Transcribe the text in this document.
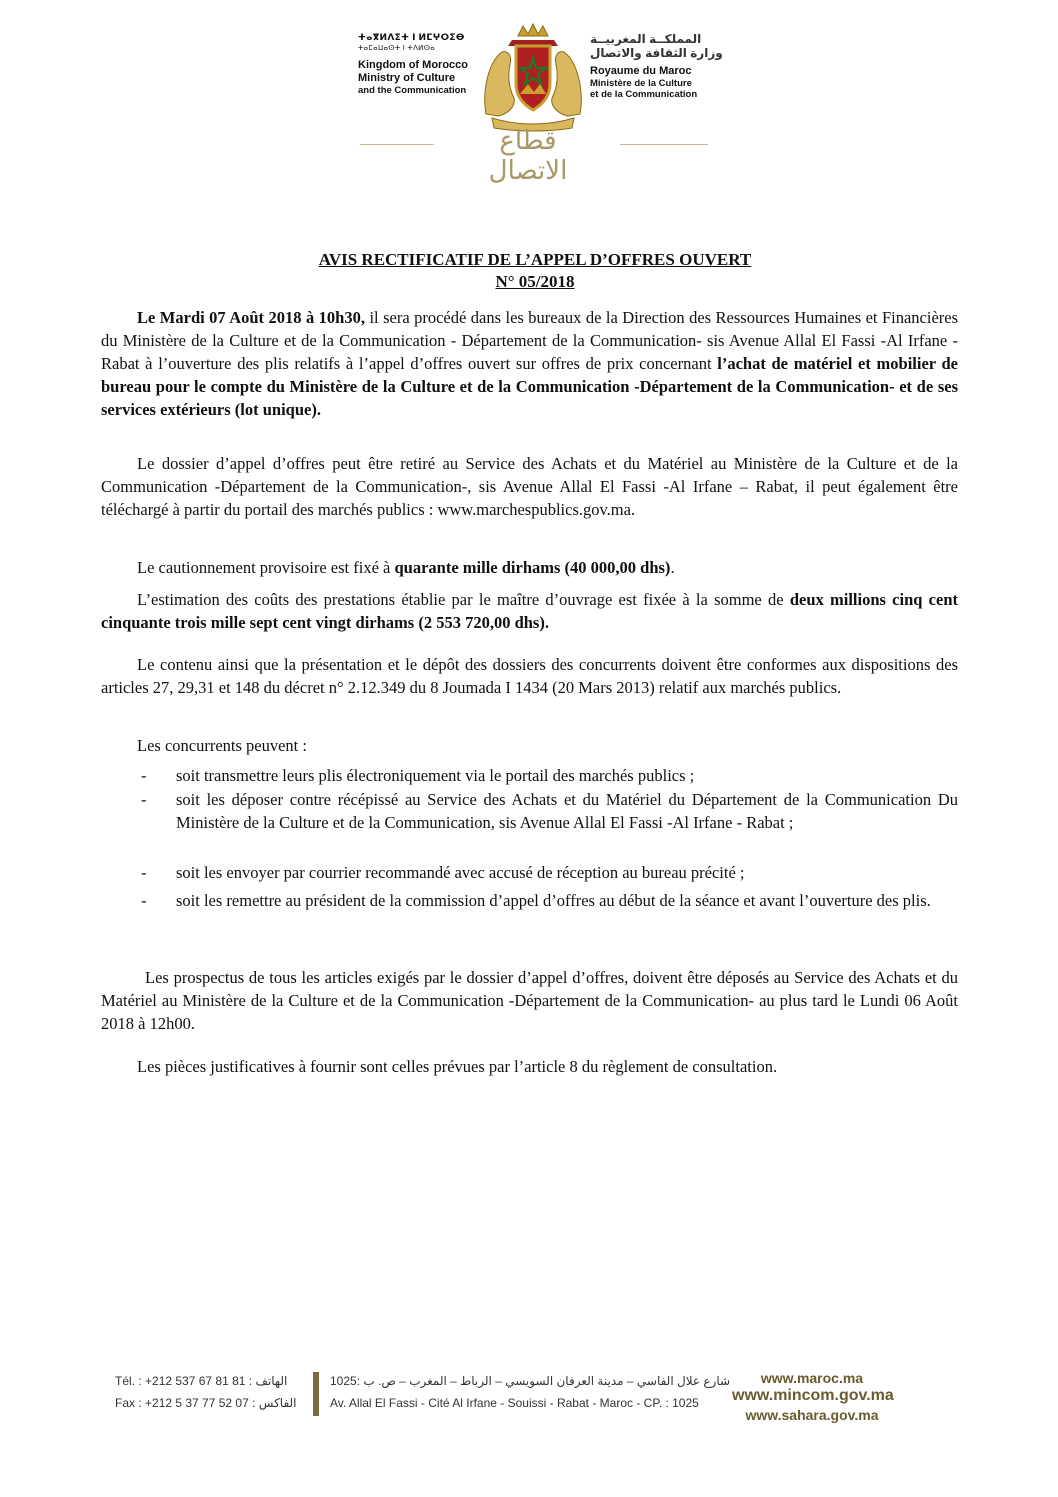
ⵜⴰⴳⵍⴷⵉⵜ ⵏ ⵍⵎⵖⵔⵉⴱ
ⵜⴰⵎⴰⵡⴰⵙⵜ ⵏ ⵜⴷⵍⵙⴰ
Kingdom of Morocco
Ministry of Culture
and the Communication
المملكــة المغربيــة
وزارة الثقافة والاتصال
Royaume du Maroc
Ministère de la Culture
et de la Communication
قطاع الاتصال
AVIS RECTIFICATIF DE L’APPEL D’OFFRES OUVERT
N° 05/2018
Le Mardi 07 Août 2018 à 10h30, il sera procédé dans les bureaux de la Direction des Ressources Humaines et Financières du Ministère de la Culture et de la Communication - Département de la Communication- sis Avenue Allal El Fassi -Al Irfane - Rabat à l’ouverture des plis relatifs à l’appel d’offres ouvert sur offres de prix concernant l’achat de matériel et mobilier de bureau pour le compte du Ministère de la Culture et de la Communication -Département de la Communication- et de ses services extérieurs (lot unique).
Le dossier d’appel d’offres peut être retiré au Service des Achats et du Matériel au Ministère de la Culture et de la Communication -Département de la Communication-, sis Avenue Allal El Fassi -Al Irfane – Rabat, il peut également être téléchargé à partir du portail des marchés publics : www.marchespublics.gov.ma.
Le cautionnement provisoire est fixé à quarante mille dirhams (40 000,00 dhs).
L’estimation des coûts des prestations établie par le maître d’ouvrage est fixée à la somme de deux millions cinq cent cinquante trois mille sept cent vingt dirhams (2 553 720,00 dhs).
Le contenu ainsi que la présentation et le dépôt des dossiers des concurrents doivent être conformes aux dispositions des articles 27, 29,31 et 148 du décret n° 2.12.349 du 8 Joumada I 1434 (20 Mars 2013) relatif aux marchés publics.
Les concurrents peuvent :
- soit transmettre leurs plis électroniquement via le portail des marchés publics ;
- soit les déposer contre récépissé au Service des Achats et du Matériel du Département de la Communication Du Ministère de la Culture et de la Communication, sis Avenue Allal El Fassi -Al Irfane - Rabat ;
- soit les envoyer par courrier recommandé avec accusé de réception au bureau précité ;
- soit les remettre au président de la commission d’appel d’offres au début de la séance et avant l’ouverture des plis.
Les prospectus de tous les articles exigés par le dossier d’appel d’offres, doivent être déposés au Service des Achats et du Matériel au Ministère de la Culture et de la Communication -Département de la Communication- au plus tard le Lundi 06 Août 2018 à 12h00.
Les pièces justificatives à fournir sont celles prévues par l’article 8 du règlement de consultation.
Tél. : +212 537 67 81 81 : الهاتف
Fax : +212 5 37 77 52 07 : الفاكس
1025: شارع علال الفاسي – مدينة العرفان السويسي – الرباط – المغرب – ص. ب
Av. Allal El Fassi - Cité Al Irfane - Souissi - Rabat - Maroc - CP. : 1025
www.maroc.ma
www.mincom.gov.ma
www.sahara.gov.ma
